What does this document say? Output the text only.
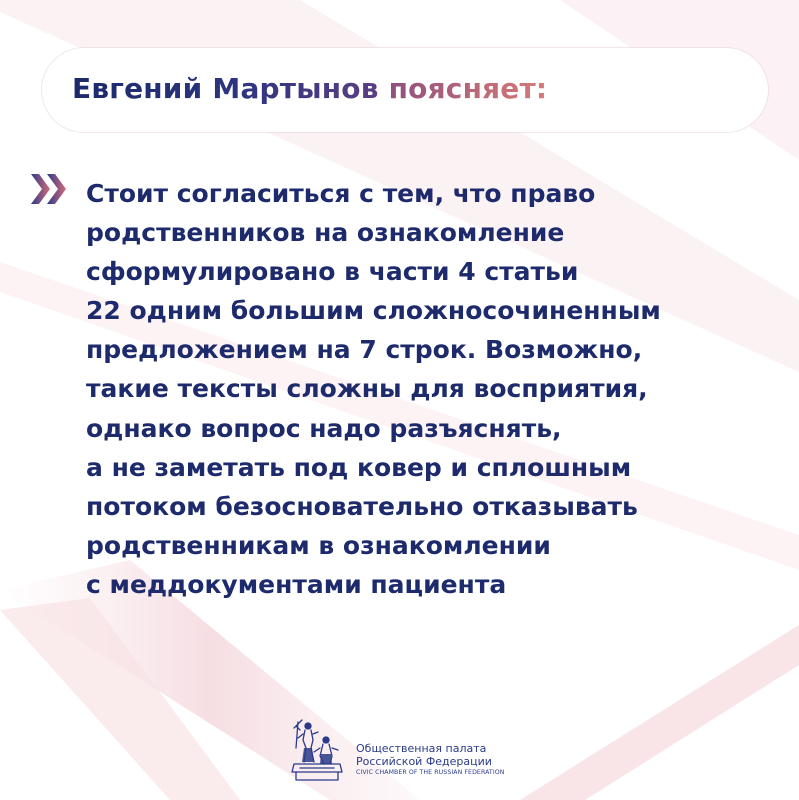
Евгений Мартынов поясняет:

Стоит согласиться с тем, что право
родственников на ознакомление
сформулировано в части 4 статьи
22 одним большим сложносочиненным
предложением на 7 строк. Возможно,
такие тексты сложны для восприятия,
однако вопрос надо разъяснять,
а не заметать под ковер и сплошным
потоком безосновательно отказывать
родственникам в ознакомлении
с меддокументами пациента

Общественная палата
Российской Федерации
CIVIC CHAMBER OF THE RUSSIAN FEDERATION
